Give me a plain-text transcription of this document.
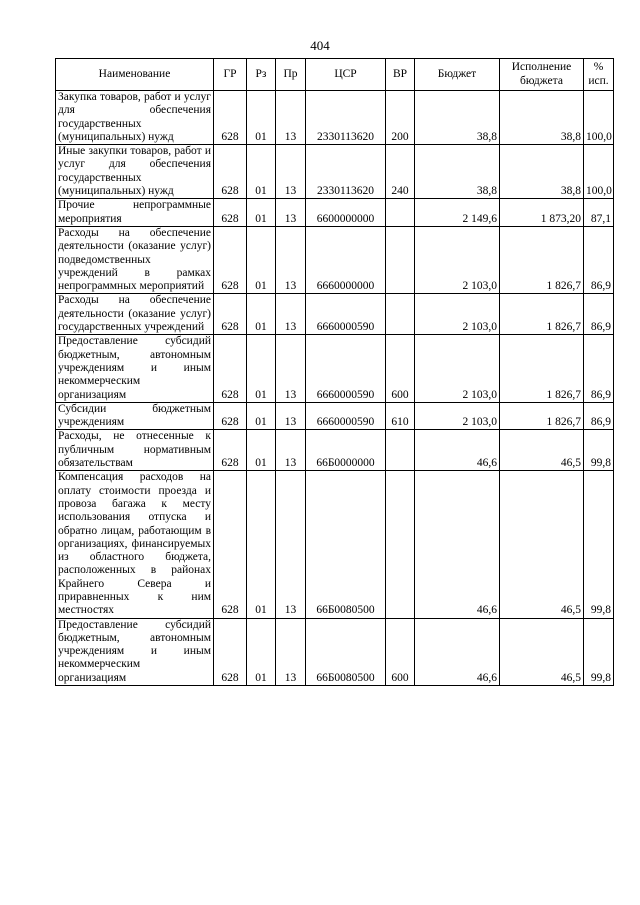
404
Наименование	ГР	Рз	Пр	ЦСР	ВР	Бюджет	Исполнение бюджета	% исп.
Закупка товаров, работ и услуг для обеспечения государственных (муниципальных) нужд	628	01	13	2330113620	200	38,8	38,8	100,0
Иные закупки товаров, работ и услуг для обеспечения государственных (муниципальных) нужд	628	01	13	2330113620	240	38,8	38,8	100,0
Прочие непрограммные мероприятия	628	01	13	6600000000		2 149,6	1 873,20	87,1
Расходы на обеспечение деятельности (оказание услуг) подведомственных учреждений в рамках непрограммных мероприятий	628	01	13	6660000000		2 103,0	1 826,7	86,9
Расходы на обеспечение деятельности (оказание услуг) государственных учреждений	628	01	13	6660000590		2 103,0	1 826,7	86,9
Предоставление субсидий бюджетным, автономным учреждениям и иным некоммерческим организациям	628	01	13	6660000590	600	2 103,0	1 826,7	86,9
Субсидии бюджетным учреждениям	628	01	13	6660000590	610	2 103,0	1 826,7	86,9
Расходы, не отнесенные к публичным нормативным обязательствам	628	01	13	66Б0000000		46,6	46,5	99,8
Компенсация расходов на оплату стоимости проезда и провоза багажа к месту использования отпуска и обратно лицам, работающим в организациях, финансируемых из областного бюджета, расположенных в районах Крайнего Севера и приравненных к ним местностях	628	01	13	66Б0080500		46,6	46,5	99,8
Предоставление субсидий бюджетным, автономным учреждениям и иным некоммерческим организациям	628	01	13	66Б0080500	600	46,6	46,5	99,8
